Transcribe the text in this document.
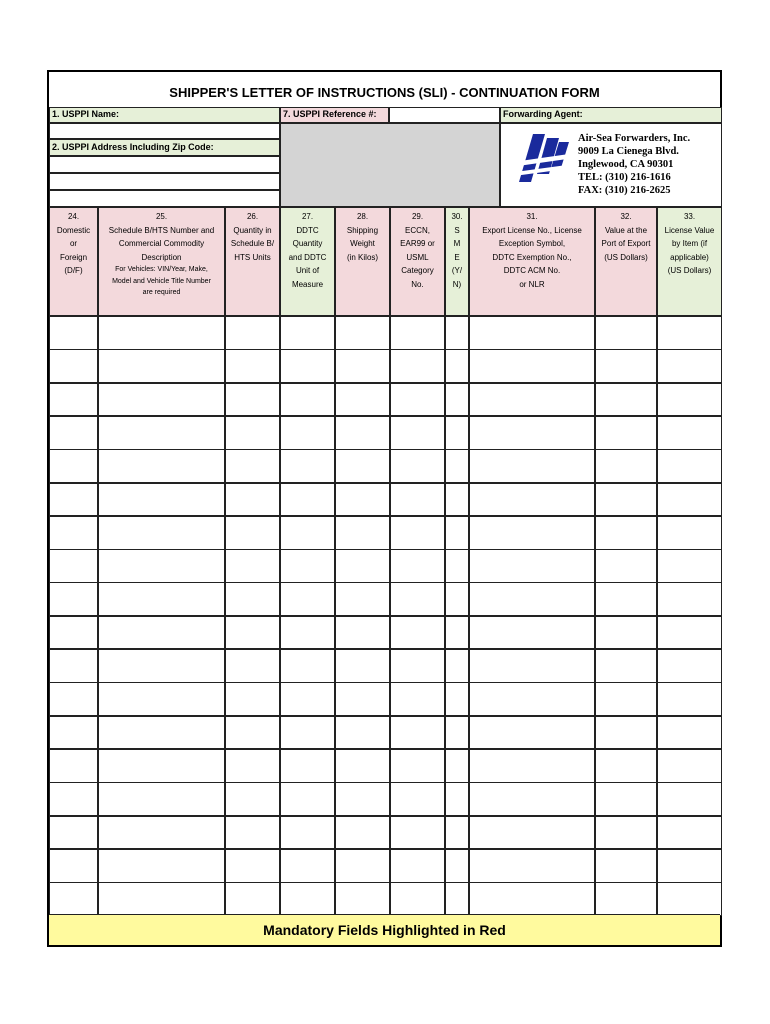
SHIPPER'S LETTER OF INSTRUCTIONS (SLI) - CONTINUATION FORM
1. USPPI Name:
2. USPPI Address Including Zip Code:
7. USPPI Reference #:	Forwarding Agent:
Air-Sea Forwarders, Inc.
9009 La Cienega Blvd.
Inglewood, CA 90301
TEL: (310) 216-1616
FAX: (310) 216-2625
24.
Domestic
or
Foreign
(D/F)
25.
Schedule B/HTS Number and
Commercial Commodity
Description
For Vehicles: VIN/Year, Make,
Model and Vehicle Title Number
are required
26.
Quantity in
Schedule B/
HTS Units
27.
DDTC
Quantity
and DDTC
Unit of
Measure
28.
Shipping
Weight
(in Kilos)
29.
ECCN,
EAR99 or
USML
Category
No.
30.
S
M
E
(Y/
N)
31.
Export License No., License
Exception Symbol,
DDTC Exemption No.,
DDTC ACM No.
or NLR
32.
Value at the
Port of Export
(US Dollars)
33.
License Value
by Item (if
applicable)
(US Dollars)
Mandatory Fields Highlighted in Red
